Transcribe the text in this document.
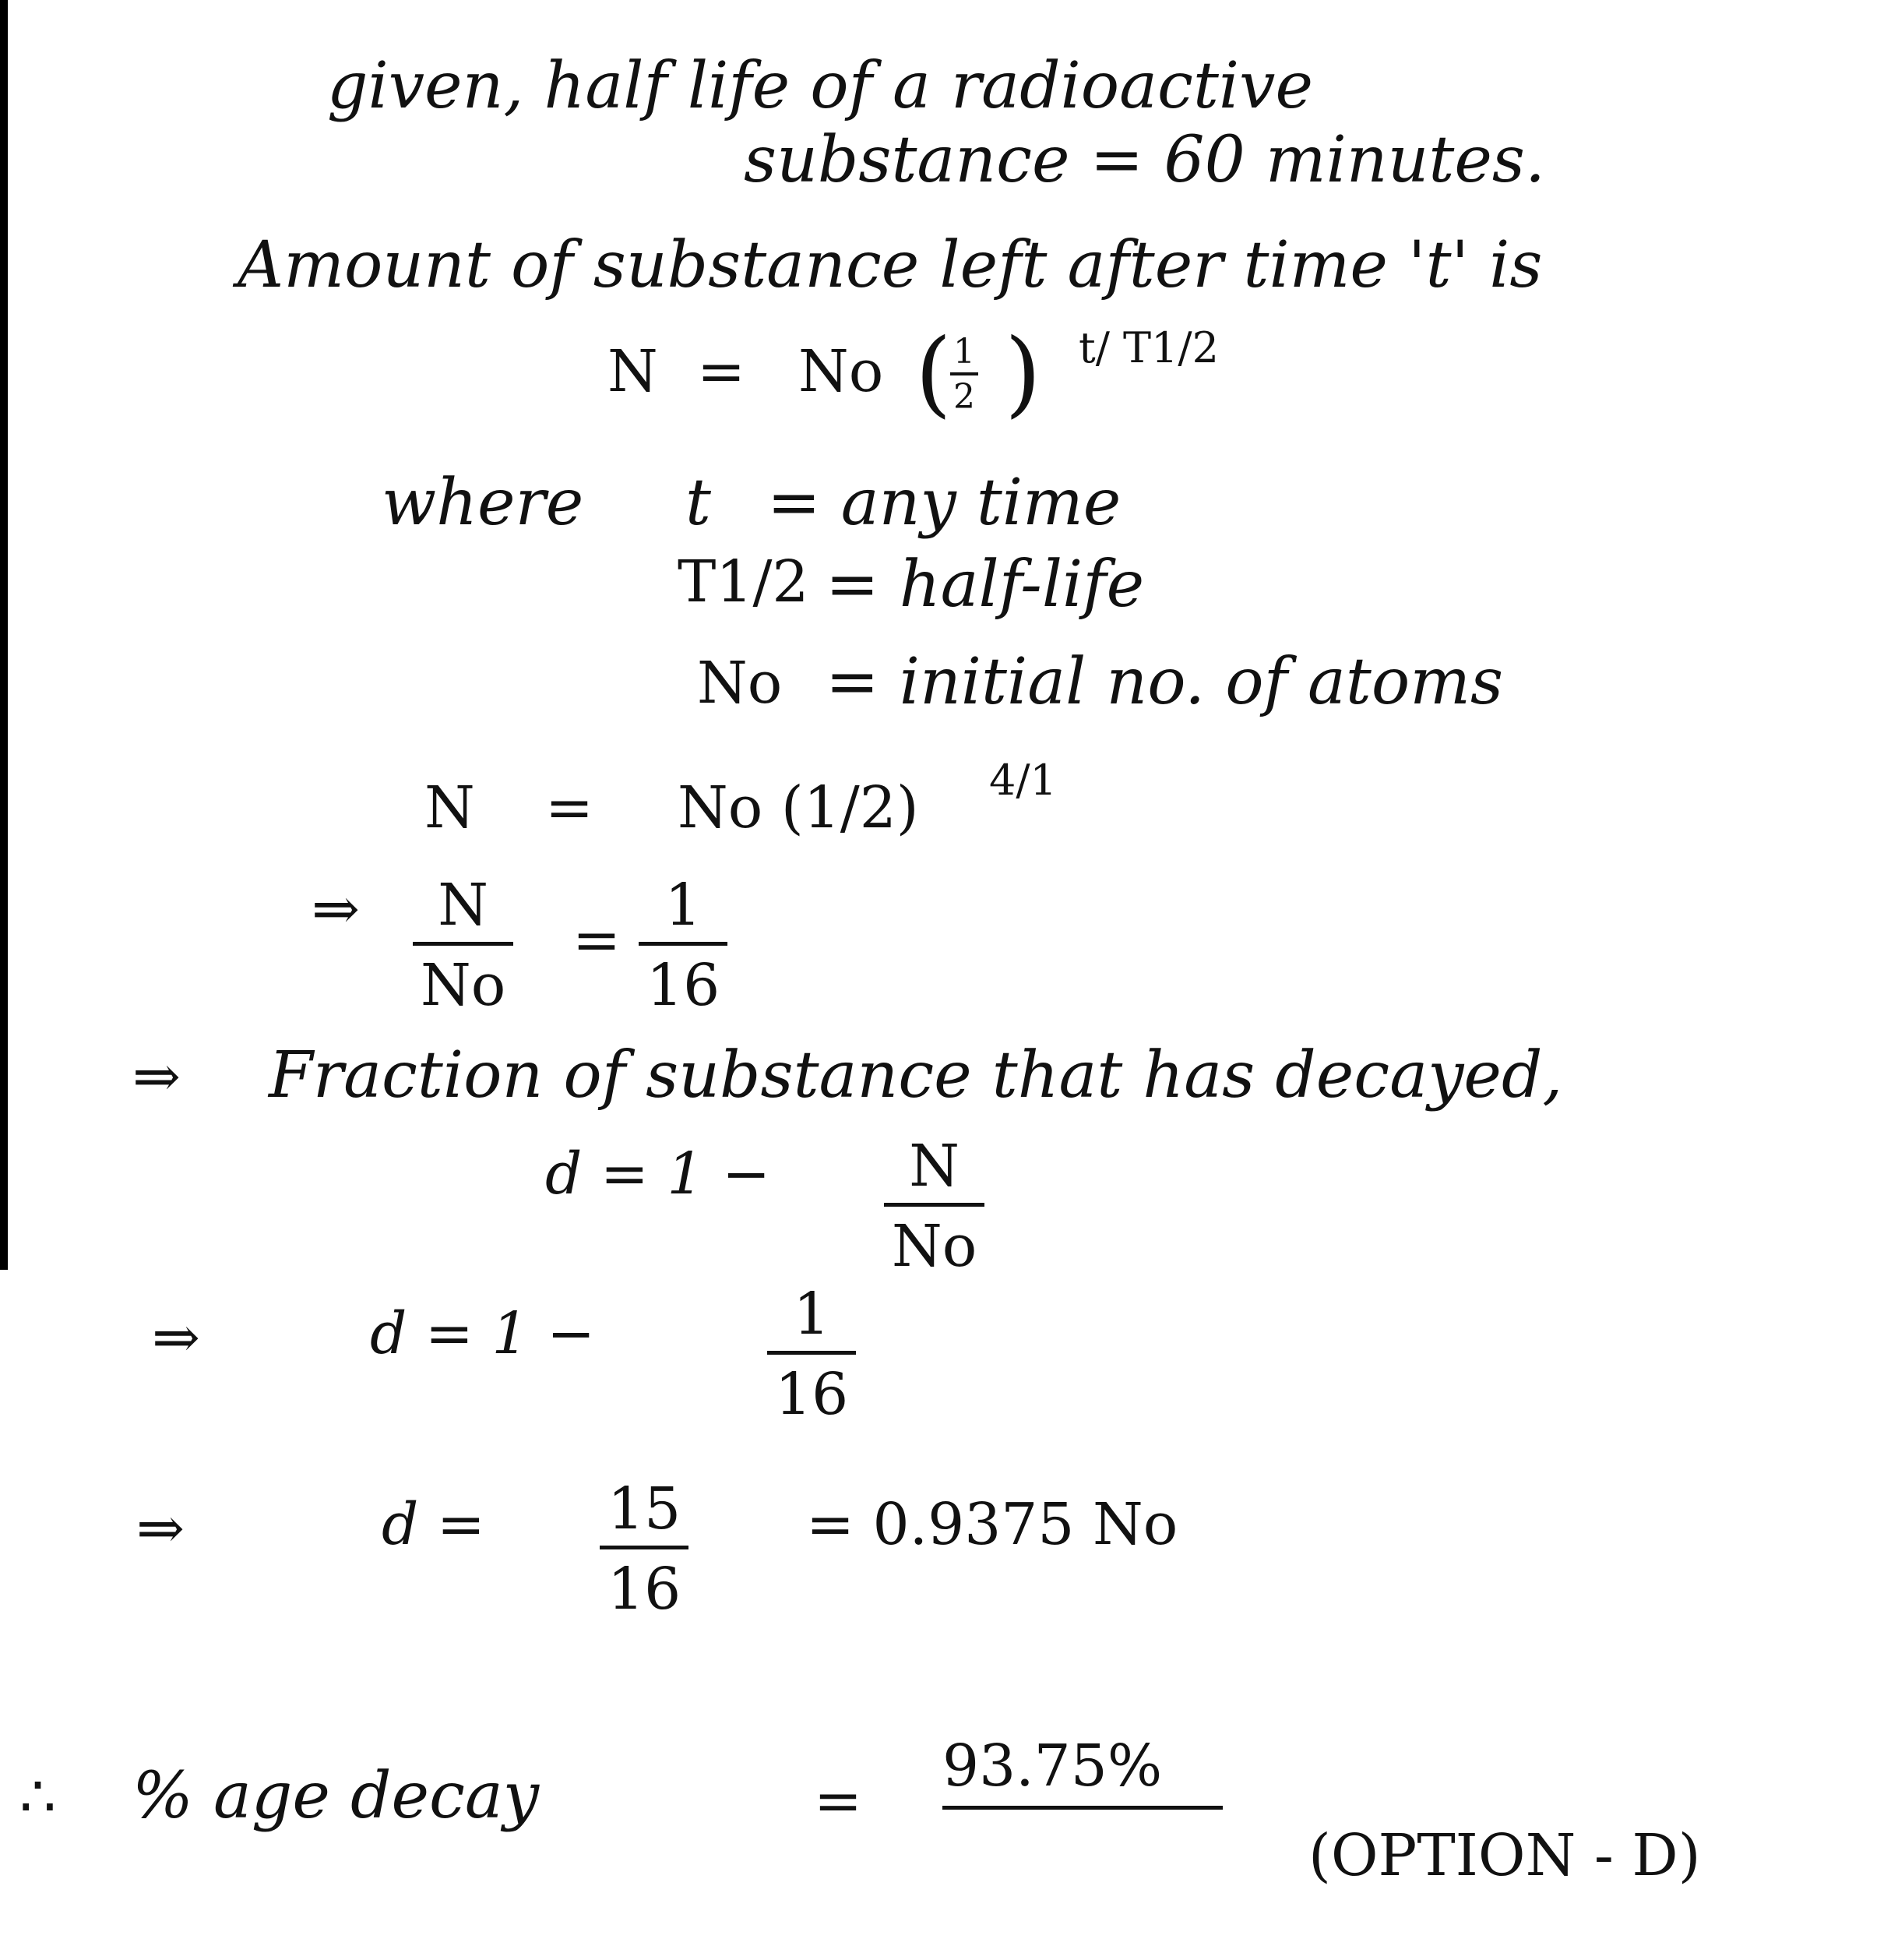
given, half life of a radioactive
substance = 60 minutes.
Amount of substance left after time 't' is
N = No (
$\frac{1}{2}$ ) t/ T1/2
where t = any time
T1/2 = half-life
No = initial no. of atoms
N = No (1/2) 4/1
⇒ $\frac{N}{No} = \frac{1}{16}$
⇒ Fraction of substance that has decayed,
$d = 1 - \frac{N}{No}$
⇒	d = 1 −	$\frac{1}{16}$
⇒	$d = \frac{15}{16} = 0.9375$ No
∴ % age decay	=
93.75%
(OPTION - D)
